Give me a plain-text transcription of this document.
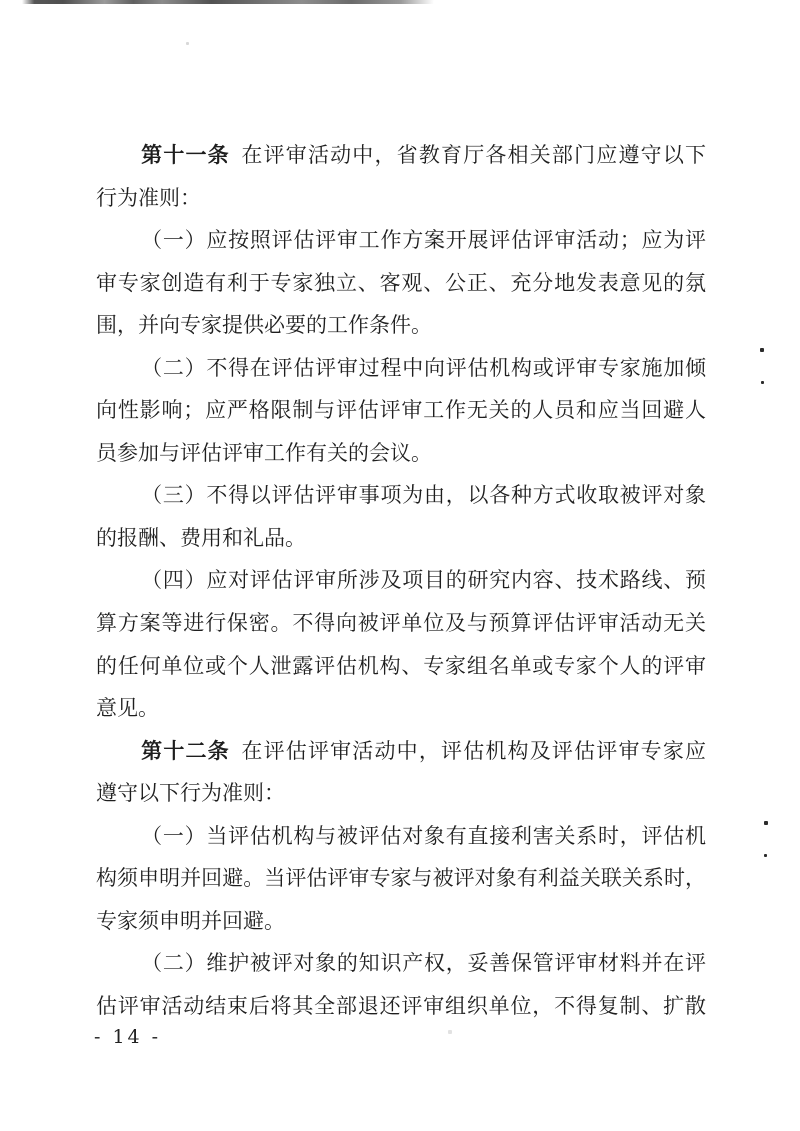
第十一条 在评审活动中，省教育厅各相关部门应遵守以下
行为准则：
（一）应按照评估评审工作方案开展评估评审活动；应为评
审专家创造有利于专家独立、客观、公正、充分地发表意见的氛
围，并向专家提供必要的工作条件。
（二）不得在评估评审过程中向评估机构或评审专家施加倾
向性影响；应严格限制与评估评审工作无关的人员和应当回避人
员参加与评估评审工作有关的会议。
（三）不得以评估评审事项为由，以各种方式收取被评对象
的报酬、费用和礼品。
（四）应对评估评审所涉及项目的研究内容、技术路线、预
算方案等进行保密。不得向被评单位及与预算评估评审活动无关
的任何单位或个人泄露评估机构、专家组名单或专家个人的评审
意见。
第十二条 在评估评审活动中，评估机构及评估评审专家应
遵守以下行为准则：
（一）当评估机构与被评估对象有直接利害关系时，评估机
构须申明并回避。当评估评审专家与被评对象有利益关联关系时，
专家须申明并回避。
（二）维护被评对象的知识产权，妥善保管评审材料并在评
估评审活动结束后将其全部退还评审组织单位，不得复制、扩散
- 14 -
